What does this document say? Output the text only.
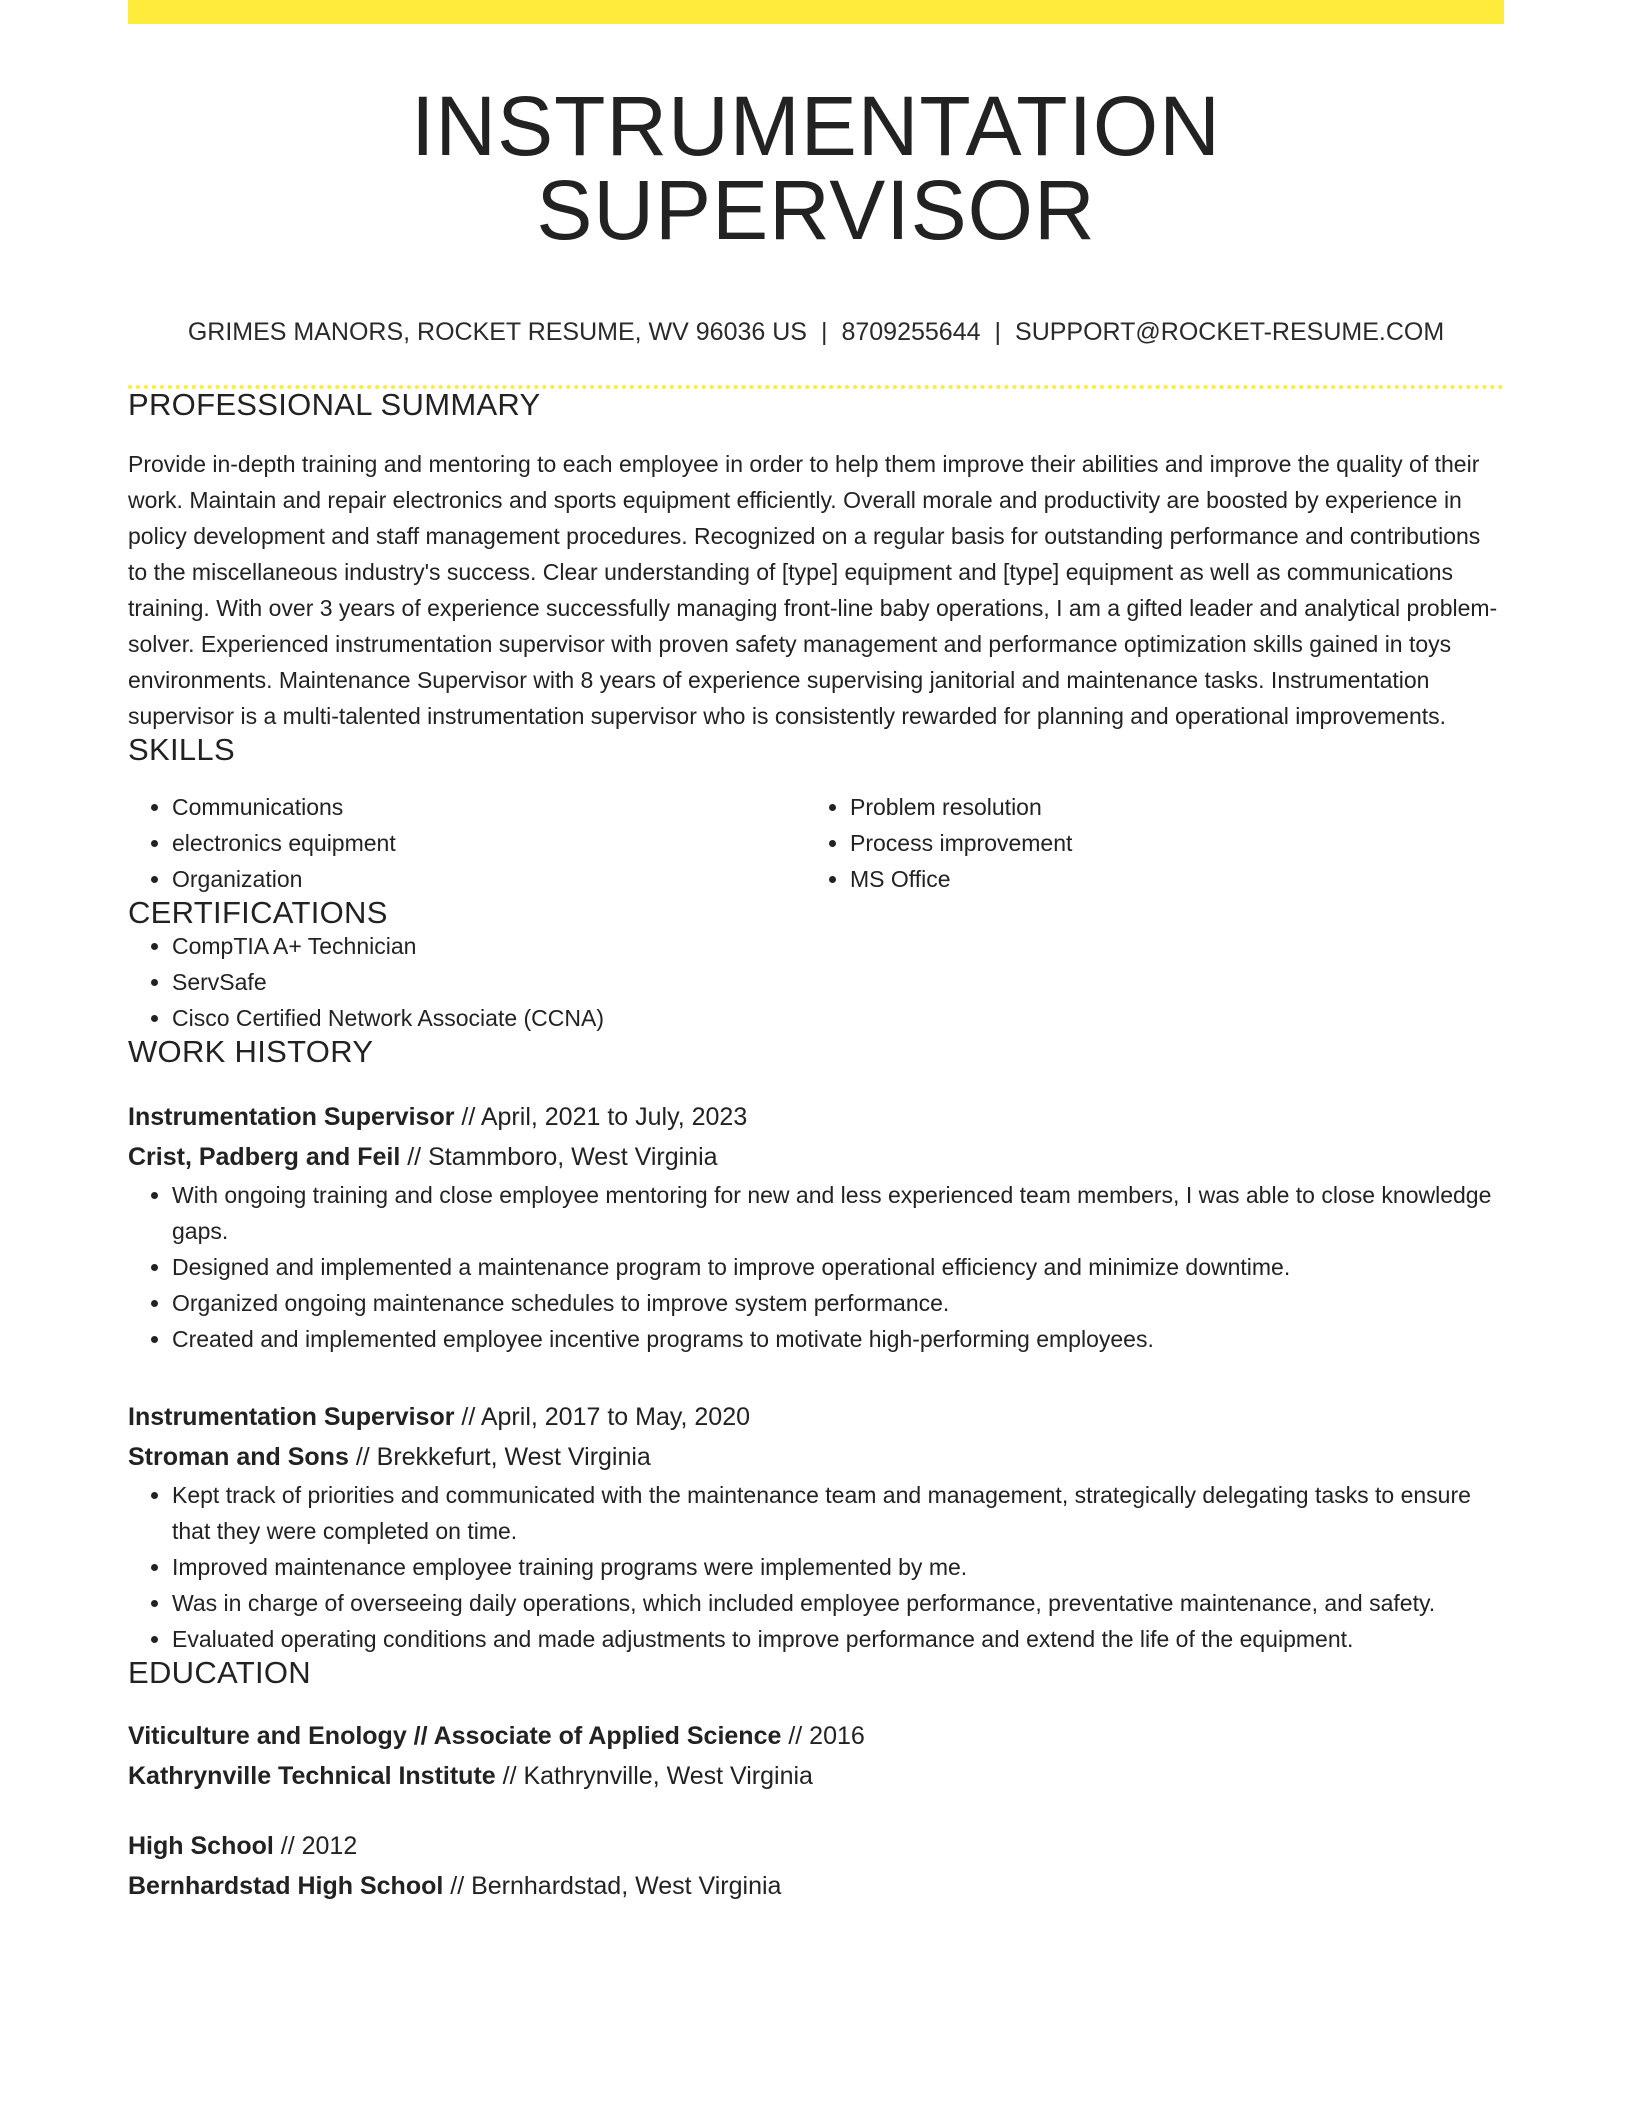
INSTRUMENTATION SUPERVISOR
GRIMES MANORS, ROCKET RESUME, WV 96036 US | 8709255644 | SUPPORT@ROCKET-RESUME.COM
PROFESSIONAL SUMMARY

Provide in-depth training and mentoring to each employee in order to help them improve their abilities and improve the quality of their work. Maintain and repair electronics and sports equipment efficiently. Overall morale and productivity are boosted by experience in policy development and staff management procedures. Recognized on a regular basis for outstanding performance and contributions to the miscellaneous industry's success. Clear understanding of [type] equipment and [type] equipment as well as communications training. With over 3 years of experience successfully managing front-line baby operations, I am a gifted leader and analytical problem-solver. Experienced instrumentation supervisor with proven safety management and performance optimization skills gained in toys environments. Maintenance Supervisor with 8 years of experience supervising janitorial and maintenance tasks. Instrumentation supervisor is a multi-talented instrumentation supervisor who is consistently rewarded for planning and operational improvements.

SKILLS
• Communications
• electronics equipment
• Organization
• Problem resolution
• Process improvement
• MS Office
CERTIFICATIONS
• CompTIA A+ Technician
• ServSafe
• Cisco Certified Network Associate (CCNA)
WORK HISTORY
Instrumentation Supervisor // April, 2021 to July, 2023
Crist, Padberg and Feil // Stammboro, West Virginia
• With ongoing training and close employee mentoring for new and less experienced team members, I was able to close knowledge gaps.
• Designed and implemented a maintenance program to improve operational efficiency and minimize downtime.
• Organized ongoing maintenance schedules to improve system performance.
• Created and implemented employee incentive programs to motivate high-performing employees.
Instrumentation Supervisor // April, 2017 to May, 2020
Stroman and Sons // Brekkefurt, West Virginia
• Kept track of priorities and communicated with the maintenance team and management, strategically delegating tasks to ensure that they were completed on time.
• Improved maintenance employee training programs were implemented by me.
• Was in charge of overseeing daily operations, which included employee performance, preventative maintenance, and safety.
• Evaluated operating conditions and made adjustments to improve performance and extend the life of the equipment.
EDUCATION
Viticulture and Enology // Associate of Applied Science // 2016
Kathrynville Technical Institute // Kathrynville, West Virginia
High School // 2012
Bernhardstad High School // Bernhardstad, West Virginia
